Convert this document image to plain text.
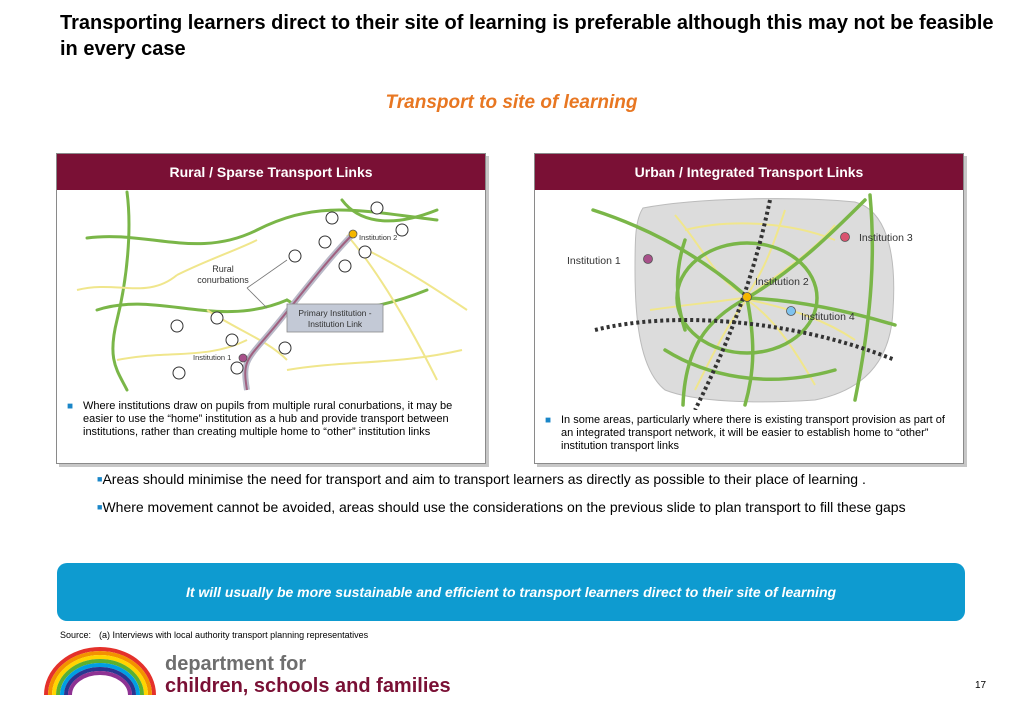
Transporting learners direct to their site of learning is preferable although this may not be feasible in every case
Transport to site of learning
Rural / Sparse Transport Links
Rural
conurbations
Institution 2
Institution 1
Primary Institution -
Institution Link
■ Where institutions draw on pupils from multiple rural conurbations, it may be easier to use the “home” institution as a hub and provide transport between institutions, rather than creating multiple home to “other” institution links
Urban / Integrated Transport Links
Institution 1
Institution 2
Institution 3
Institution 4
■ In some areas, particularly where there is existing transport provision as part of an integrated transport network, it will be easier to establish home to “other” institution transport links
■Areas should minimise the need for transport and aim to transport learners as directly as possible to their place of learning .
■Where movement cannot be avoided, areas should use the considerations on the previous slide to plan transport to fill these gaps
It will usually be more sustainable and efficient to transport learners direct to their site of learning
Source: (a) Interviews with local authority transport planning representatives
department for
children, schools and families	17
